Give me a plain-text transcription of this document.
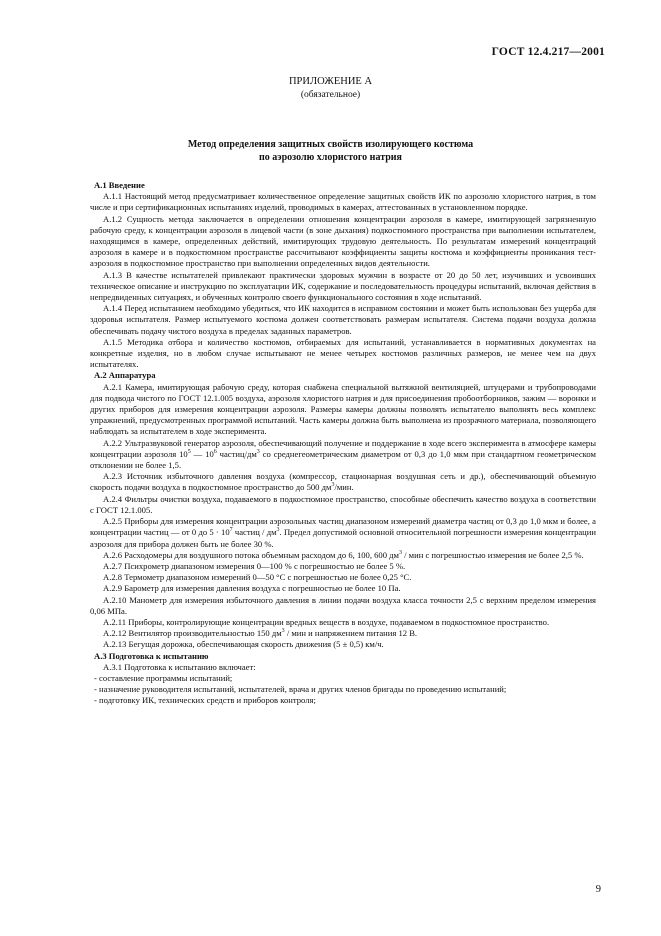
ГОСТ 12.4.217—2001
ПРИЛОЖЕНИЕ А
(обязательное)
Метод определения защитных свойств изолирующего костюма
по аэрозолю хлористого натрия

А.1 Введение

А.1.1 Настоящий метод предусматривает количественное определение защитных свойств ИК по аэрозолю хлористого натрия, в том числе и при сертификационных испытаниях изделий, проводимых в камерах, аттестованных в установленном порядке.

А.1.2 Сущность метода заключается в определении отношения концентрации аэрозоля в камере, имитирующей загрязненную рабочую среду, к концентрации аэрозоля в лицевой части (в зоне дыхания) подкостюмного пространства при выполнении испытателем, находящимся в камере, определенных действий, имитирующих трудовую деятельность. По результатам измерений концентраций аэрозоля в камере и в подкостюмном пространстве рассчитывают коэффициенты защиты костюма и коэффициенты проникания тест-аэрозоля в подкостюмное пространство при выполнении определенных видов деятельности.

А.1.3 В качестве испытателей привлекают практически здоровых мужчин в возрасте от 20 до 50 лет, изучивших и усвоивших техническое описание и инструкцию по эксплуатации ИК, содержание и последовательность процедуры испытаний, включая действия в непредвиденных ситуациях, и обученных контролю своего функционального состояния в ходе испытаний.

А.1.4 Перед испытанием необходимо убедиться, что ИК находится в исправном состоянии и может быть использован без ущерба для здоровья испытателя. Размер испытуемого костюма должен соответствовать размерам испытателя. Система подачи воздуха должна обеспечивать подачу чистого воздуха в пределах заданных параметров.

А.1.5 Методика отбора и количество костюмов, отбираемых для испытаний, устанавливается в нормативных документах на конкретные изделия, но в любом случае испытывают не менее четырех костюмов различных размеров, не менее чем на двух испытателях.

А.2 Аппаратура

А.2.1 Камера, имитирующая рабочую среду, которая снабжена специальной вытяжной вентиляцией, штуцерами и трубопроводами для подвода чистого по ГОСТ 12.1.005 воздуха, аэрозоля хлористого натрия и для присоединения пробоотборников, зажим — воронки и других приборов для измерения концентрации аэрозоля. Размеры камеры должны позволять испытателю выполнять весь комплекс упражнений, предусмотренных программой испытаний. Часть камеры должна быть выполнена из прозрачного материала, позволяющего наблюдать за испытателем в ходе эксперимента.

А.2.2 Ультразвуковой генератор аэрозоля, обеспечивающий получение и поддержание в ходе всего эксперимента в атмосфере камеры концентрации аэрозоля $10^5$ — $10^6$ частиц/$дм^3$ со среднегеометрическим диаметром от 0,3 до 1,0 мкм при стандартном геометрическом отклонении не более 1,5.

А.2.3 Источник избыточного давления воздуха (компрессор, стационарная воздушная сеть и др.), обеспечивающий объемную скорость подачи воздуха в подкостюмное пространство до 500 $дм^3$/мин.

А.2.4 Фильтры очистки воздуха, подаваемого в подкостюмное пространство, способные обеспечить качество воздуха в соответствии с ГОСТ 12.1.005.

А.2.5 Приборы для измерения концентрации аэрозольных частиц диапазоном измерений диаметра частиц от 0,3 до 1,0 мкм и более, а концентрации частиц — от 0 до $5 \cdot 10^7$ частиц / $дм^3$. Предел допустимой основной относительной погрешности измерения концентрации аэрозоля для прибора должен быть не более 30 %.

А.2.6 Расходомеры для воздушного потока объемным расходом до 6, 100, 600 $дм^3$ / мин с погрешностью измерения не более 2,5 %.

А.2.7 Психрометр диапазоном измерения 0—100 % с погрешностью не более 5 %.

А.2.8 Термометр диапазоном измерений 0—50 °С с погрешностью не более 0,25 °С.

А.2.9 Барометр для измерения давления воздуха с погрешностью не более 10 Па.

А.2.10 Манометр для измерения избыточного давления в линии подачи воздуха класса точности 2,5 с верхним пределом измерения 0,06 МПа.

А.2.11 Приборы, контролирующие концентрации вредных веществ в воздухе, подаваемом в подкостюмное пространство.

А.2.12 Вентилятор производительностью 150 $дм^3$ / мин и напряжением питания 12 В.

А.2.13 Бегущая дорожка, обеспечивающая скорость движения (5 ± 0,5) км/ч.

А.3 Подготовка к испытанию

А.3.1 Подготовка к испытанию включает:

- составление программы испытаний;

- назначение руководителя испытаний, испытателей, врача и других членов бригады по проведению испытаний;

- подготовку ИК, технических средств и приборов контроля;

9
